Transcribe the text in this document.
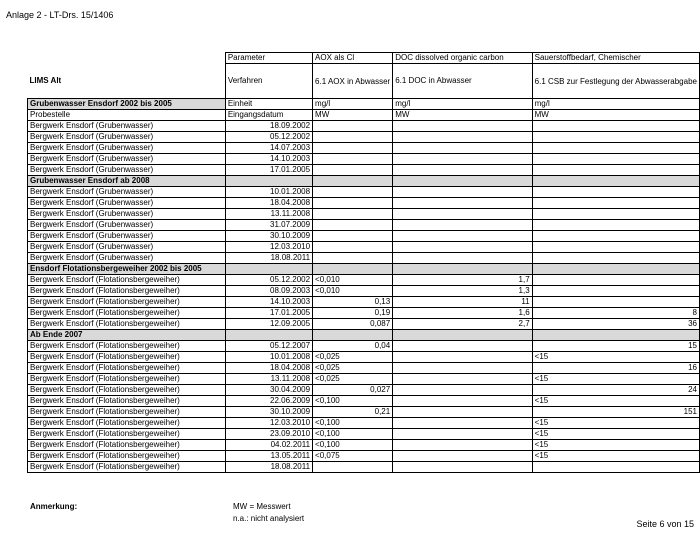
Anlage 2 - LT-Drs. 15/1406
	Parameter	AOX als Cl	DOC dissolved organic carbon	Sauerstoffbedarf, Chemischer
LIMS Alt	Verfahren	6.1 AOX in Abwasser	6.1 DOC in Abwasser	6.1 CSB zur Festlegung der Abwasserabgabe
Grubenwasser Ensdorf 2002 bis 2005	Einheit	mg/l	mg/l	mg/l
Probestelle	Eingangsdatum	MW	MW	MW
Bergwerk Ensdorf (Grubenwasser)	18.09.2002			
Bergwerk Ensdorf (Grubenwasser)	05.12.2002			
Bergwerk Ensdorf (Grubenwasser)	14.07.2003			
Bergwerk Ensdorf (Grubenwasser)	14.10.2003			
Bergwerk Ensdorf (Grubenwasser)	17.01.2005			
Grubenwasser Ensdorf ab 2008				
Bergwerk Ensdorf (Grubenwasser)	10.01.2008			
Bergwerk Ensdorf (Grubenwasser)	18.04.2008			
Bergwerk Ensdorf (Grubenwasser)	13.11.2008			
Bergwerk Ensdorf (Grubenwasser)	31.07.2009			
Bergwerk Ensdorf (Grubenwasser)	30.10.2009			
Bergwerk Ensdorf (Grubenwasser)	12.03.2010			
Bergwerk Ensdorf (Grubenwasser)	18.08.2011			
Ensdorf Flotationsbergeweiher 2002 bis 2005				
Bergwerk Ensdorf (Flotationsbergeweiher)	05.12.2002	<0,010	1,7	
Bergwerk Ensdorf (Flotationsbergeweiher)	08.09.2003	<0,010	1,3	
Bergwerk Ensdorf (Flotationsbergeweiher)	14.10.2003	0,13	11	
Bergwerk Ensdorf (Flotationsbergeweiher)	17.01.2005	0,19	1,6	8
Bergwerk Ensdorf (Flotationsbergeweiher)	12.09.2005	0,087	2,7	36
Ab Ende 2007				
Bergwerk Ensdorf (Flotationsbergeweiher)	05.12.2007	0,04		15
Bergwerk Ensdorf (Flotationsbergeweiher)	10.01.2008	<0,025		<15
Bergwerk Ensdorf (Flotationsbergeweiher)	18.04.2008	<0,025		16
Bergwerk Ensdorf (Flotationsbergeweiher)	13.11.2008	<0,025		<15
Bergwerk Ensdorf (Flotationsbergeweiher)	30.04.2009	0,027		24
Bergwerk Ensdorf (Flotationsbergeweiher)	22.06.2009	<0,100		<15
Bergwerk Ensdorf (Flotationsbergeweiher)	30.10.2009	0,21		151
Bergwerk Ensdorf (Flotationsbergeweiher)	12.03.2010	<0,100		<15
Bergwerk Ensdorf (Flotationsbergeweiher)	23.09.2010	<0,100		<15
Bergwerk Ensdorf (Flotationsbergeweiher)	04.02.2011	<0,100		<15
Bergwerk Ensdorf (Flotationsbergeweiher)	13.05.2011	<0,075		<15
Bergwerk Ensdorf (Flotationsbergeweiher)	18.08.2011			
Anmerkung:	MW = Messwert
n.a.: nicht analysiert
Seite 6 von 15
